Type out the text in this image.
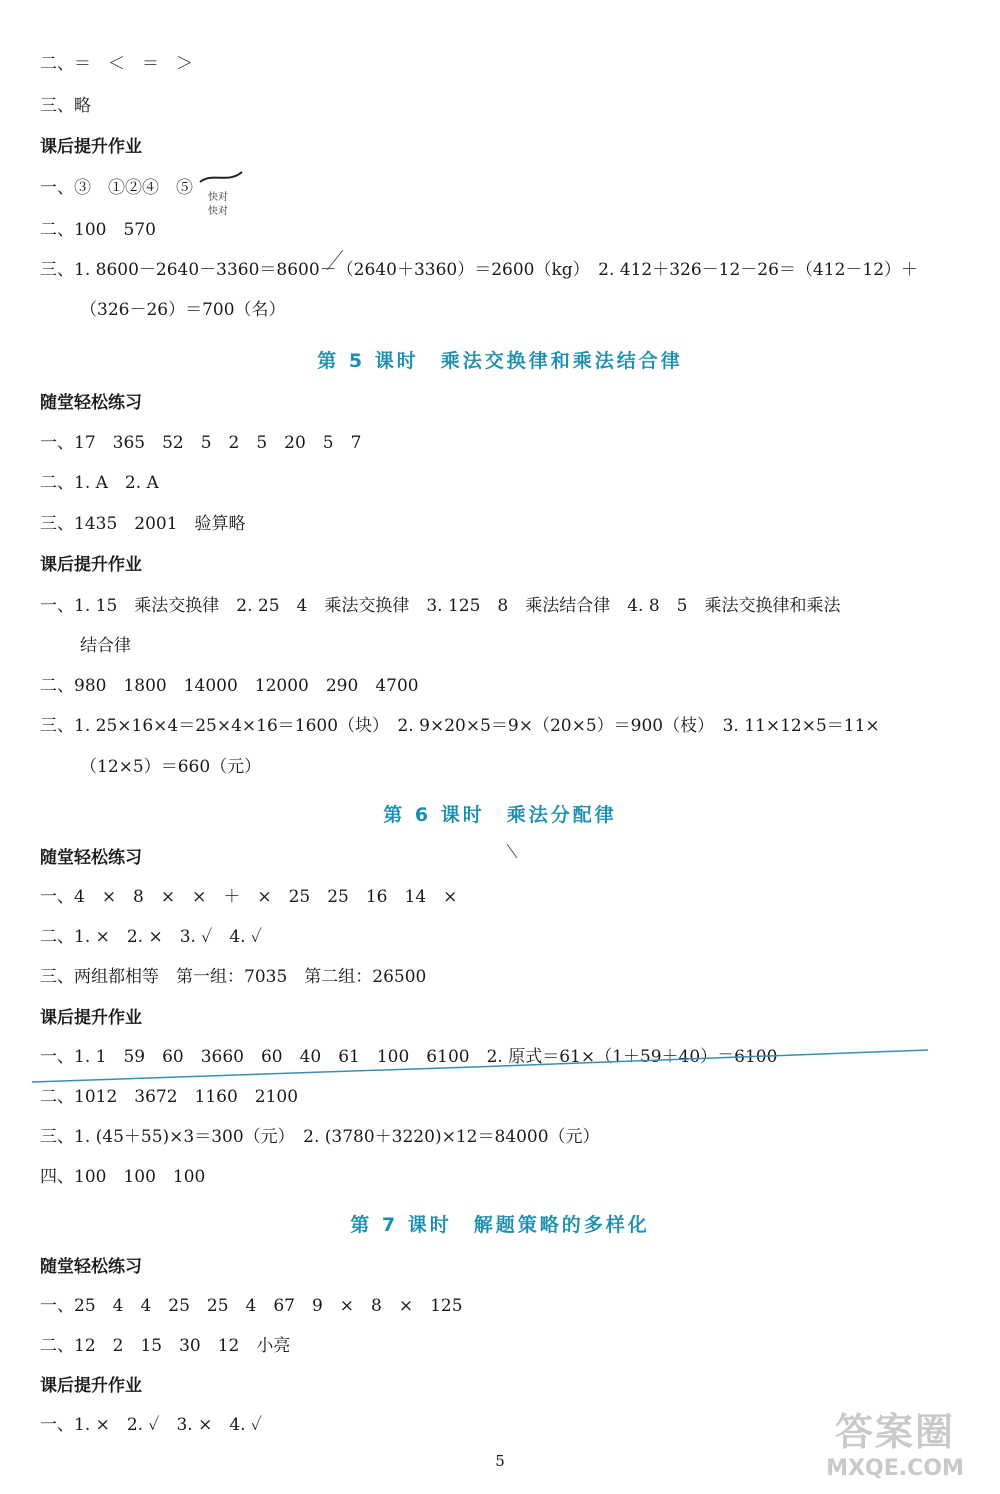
二、＝　＜　＝　＞
三、略
课后提升作业
一、③　①②④　⑤	快对
快对
二、100　570
三、1. 8600－2640－3360＝8600－（2640＋3360）＝2600（kg）　2. 412＋326－12－26＝（412－12）＋
（326－26）＝700（名）
第 5 课时　乘法交换律和乘法结合律
随堂轻松练习
一、17　365　52　5　2　5　20　5　7
二、1. A　2. A
三、1435　2001　验算略
课后提升作业
一、1. 15　乘法交换律　2. 25　4　乘法交换律　3. 125　8　乘法结合律　4. 8　5　乘法交换律和乘法
结合律
二、980　1800　14000　12000　290　4700
三、1. 25×16×4＝25×4×16＝1600（块）　2. 9×20×5＝9×（20×5）＝900（枝）　3. 11×12×5＝11×
（12×5）＝660（元）
第 6 课时　乘法分配律
随堂轻松练习
一、4　×　8　×　×　＋　×　25　25　16　14　×
二、1. ×　2. ×　3. ✓　4. ✓
三、两组都相等　第一组：7035　第二组：26500
课后提升作业
一、1. 1　59　60　3660　60　40　61　100　6100　2. 原式＝61×（1＋59＋40）＝6100
二、1012　3672　1160　2100
三、1. (45＋55)×3＝300（元）　2. (3780＋3220)×12＝84000（元）
四、100　100　100
第 7 课时　解题策略的多样化
随堂轻松练习
一、25　4　4　25　25　4　67　9　×　8　×　125
二、12　2　15　30　12　小亮
课后提升作业
一、1. ×　2. ✓　3. ×　4. ✓
5
答案圈
MXQE.COM
